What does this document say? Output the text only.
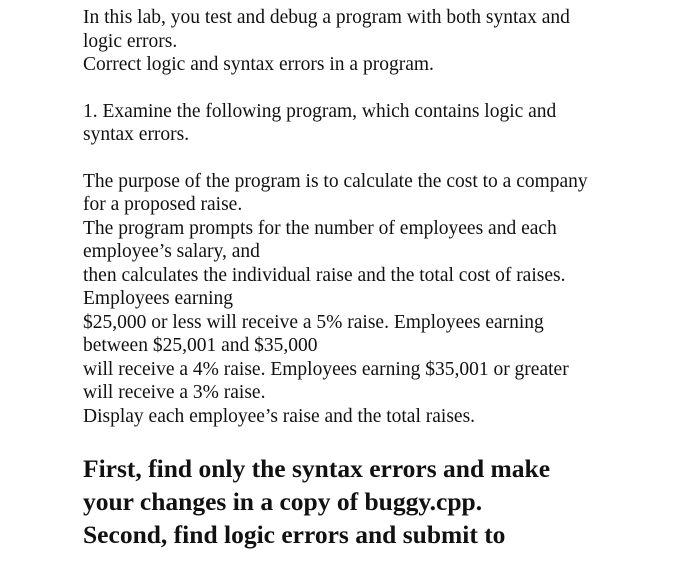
In this lab, you test and debug a program with both syntax and
logic errors.
Correct logic and syntax errors in a program.
1. Examine the following program, which contains logic and
syntax errors.
The purpose of the program is to calculate the cost to a company
for a proposed raise.
The program prompts for the number of employees and each
employee’s salary, and
then calculates the individual raise and the total cost of raises.
Employees earning
$25,000 or less will receive a 5% raise. Employees earning
between $25,001 and $35,000
will receive a 4% raise. Employees earning $35,001 or greater
will receive a 3% raise.
Display each employee’s raise and the total raises.
First, find only the syntax errors and make
your changes in a copy of buggy.cpp.
Second, find logic errors and submit to
